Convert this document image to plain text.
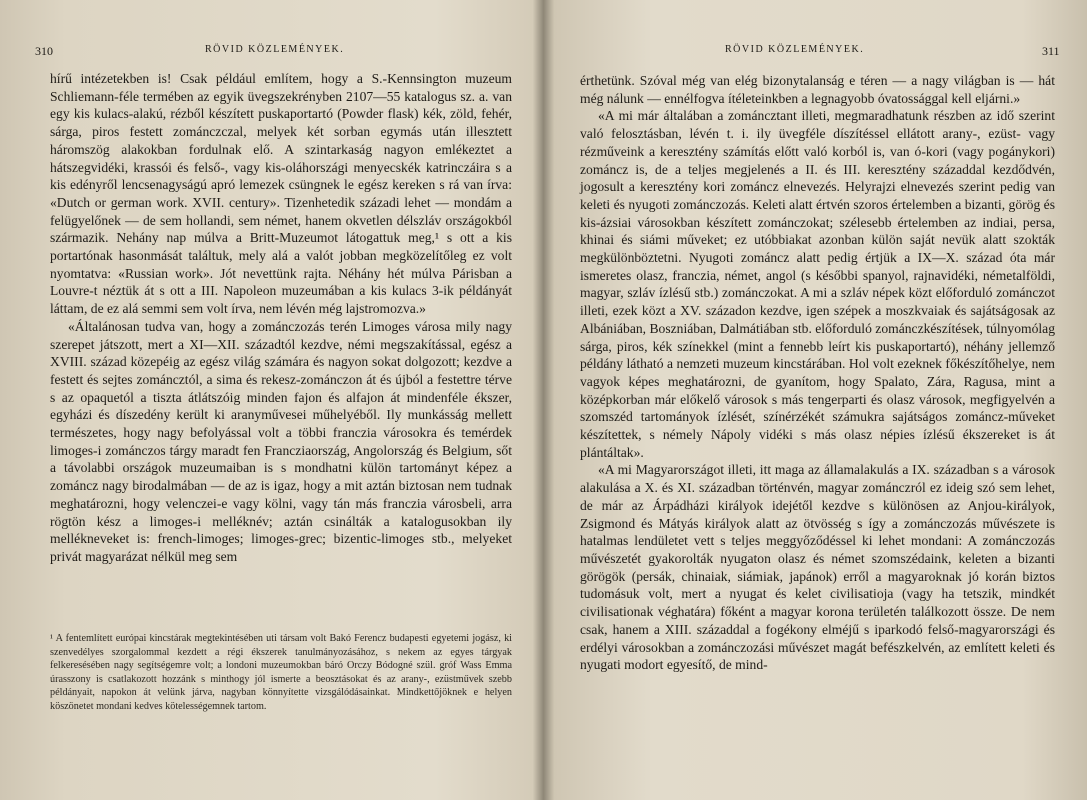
310	RÖVID KÖZLEMÉNYEK.

hírű intézetekben is! Csak például említem, hogy a S.-Kennsington muzeum Schliemann-féle termében az egyik üvegszekrényben 2107—55 katalogus sz. a. van egy kis kulacs-alakú, rézből készített puskaportartó (Powder flask) kék, zöld, fehér, sárga, piros festett zománczczal, melyek két sorban egymás után illesztett háromszög alakokban fordulnak elő. A szintarkaság nagyon emlékeztet a hátszegvidéki, krassói és felső-, vagy kis-oláhországi menyecskék katrinczáira s a kis edényről lencsenagyságú apró lemezek csüngnek le egész kereken s rá van írva: «Dutch or german work. XVII. century». Tizenhetedik századi lehet — mondám a felügyelőnek — de sem hollandi, sem német, hanem okvetlen délszláv országokból származik. Nehány nap múlva a Britt-Muzeumot látogattuk meg,¹ s ott a kis portartónak hasonmását találtuk, mely alá a valót jobban megközelítőleg ez volt nyomtatva: «Russian work». Jót nevettünk rajta. Néhány hét múlva Párisban a Louvre-t néztük át s ott a III. Napoleon muzeumában a kis kulacs 3-ik példányát láttam, de ez alá semmi sem volt írva, nem lévén még lajstromozva.»

«Általánosan tudva van, hogy a zománczozás terén Limoges városa mily nagy szerepet játszott, mert a XI—XII. századtól kezdve, némi megszakítással, egész a XVIII. század közepéig az egész világ számára és nagyon sokat dolgozott; kezdve a festett és sejtes zománcztól, a sima és rekesz-zománczon át és újból a festettre térve s az opaquetól a tiszta átlátszóig minden fajon és alfajon át mindenféle ékszer, egyházi és díszedény került ki aranyművesei műhelyéből. Ily munkásság mellett természetes, hogy nagy befolyással volt a többi franczia városokra és temérdek limoges-i zománczos tárgy maradt fen Francziaország, Angolország és Belgium, sőt a távolabbi országok muzeumaiban is s mondhatni külön tartományt képez a zománcz nagy birodalmában — de az is igaz, hogy a mit aztán biztosan nem tudnak meghatározni, hogy velenczei-e vagy kölni, vagy tán más franczia városbeli, arra rögtön kész a limoges-i melléknév; aztán csinálták a katalogusokban ily mellékneveket is: french-limoges; limoges-grec; bizentic-limoges stb., melyeket privát magyarázat nélkül meg sem

¹ A fentemlített európai kincstárak megtekintésében uti társam volt Bakó Ferencz budapesti egyetemi jogász, ki szenvedélyes szorgalommal kezdett a régi ékszerek tanulmányozásához, s nekem az egyes tárgyak felkeresésében nagy segítségemre volt; a londoni muzeumokban báró Orczy Bódogné szül. gróf Wass Emma úrasszony is csatlakozott hozzánk s minthogy jól ismerte a beosztásokat és az arany-, ezüstművek szebb példányait, napokon át velünk járva, nagyban könnyítette vizsgálódásainkat. Mindkettőjöknek e helyen köszönetet mondani kedves kötelességemnek tartom.
RÖVID KÖZLEMÉNYEK.	311

érthetünk. Szóval még van elég bizonytalanság e téren — a nagy világban is — hát még nálunk — ennélfogva ítéleteinkben a legnagyobb óvatossággal kell eljárni.»

«A mi már általában a zománcztant illeti, megmaradhatunk részben az idő szerint való felosztásban, lévén t. i. ily üvegféle díszítéssel ellátott arany-, ezüst- vagy rézműveink a keresztény számítás előtt való korból is, van ó-kori (vagy pogánykori) zománcz is, de a teljes megjelenés a II. és III. keresztény századdal kezdődvén, jogosult a keresztény kori zománcz elnevezés. Helyrajzi elnevezés szerint pedig van keleti és nyugoti zománczozás. Keleti alatt értvén szoros értelemben a bizanti, görög és kis-ázsiai városokban készített zománczokat; szélesebb értelemben az indiai, persa, khinai és siámi műveket; ez utóbbiakat azonban külön saját nevük alatt szokták megkülönböztetni. Nyugoti zománcz alatt pedig értjük a IX—X. század óta már ismeretes olasz, franczia, német, angol (s későbbi spanyol, rajnavidéki, németalföldi, magyar, szláv ízlésű stb.) zománczokat. A mi a szláv népek közt előforduló zománczot illeti, ezek közt a XV. századon kezdve, igen szépek a moszkvaiak és sajátságosak az Albániában, Boszniában, Dalmátiában stb. előforduló zománczkészítések, túlnyomólag sárga, piros, kék színekkel (mint a fennebb leírt kis puskaportartó), néhány jellemző példány látható a nemzeti muzeum kincstárában. Hol volt ezeknek főkészítőhelye, nem vagyok képes meghatározni, de gyanítom, hogy Spalato, Zára, Ragusa, mint a középkorban már előkelő városok s más tengerparti és olasz városok, megfigyelvén a szomszéd tartományok ízlését, színérzékét számukra sajátságos zománcz-műveket készítettek, s némely Nápoly vidéki s más olasz népies ízlésű ékszereket is át plántáltak».

«A mi Magyarországot illeti, itt maga az államalakulás a IX. században s a városok alakulása a X. és XI. században történvén, magyar zománczról ez ideig szó sem lehet, de már az Árpádházi királyok idejétől kezdve s különösen az Anjou-királyok, Zsigmond és Mátyás királyok alatt az ötvösség s így a zománczozás művészete is hatalmas lendületet vett s teljes meggyőződéssel ki lehet mondani: A zománczozás művészetét gyakorolták nyugaton olasz és német szomszédaink, keleten a bizanti görögök (persák, chinaiak, siámiak, japánok) erről a magyaroknak jó korán biztos tudomásuk volt, mert a nyugat és kelet civilisatioja (vagy ha tetszik, mindkét civilisationak véghatára) főként a magyar korona területén találkozott össze. De nem csak, hanem a XIII. századdal a fogékony elméjű s iparkodó felső-magyarországi és erdélyi városokban a zománczozási művészet magát befészkelvén, az említett keleti és nyugati modort egyesítő, de mind-
